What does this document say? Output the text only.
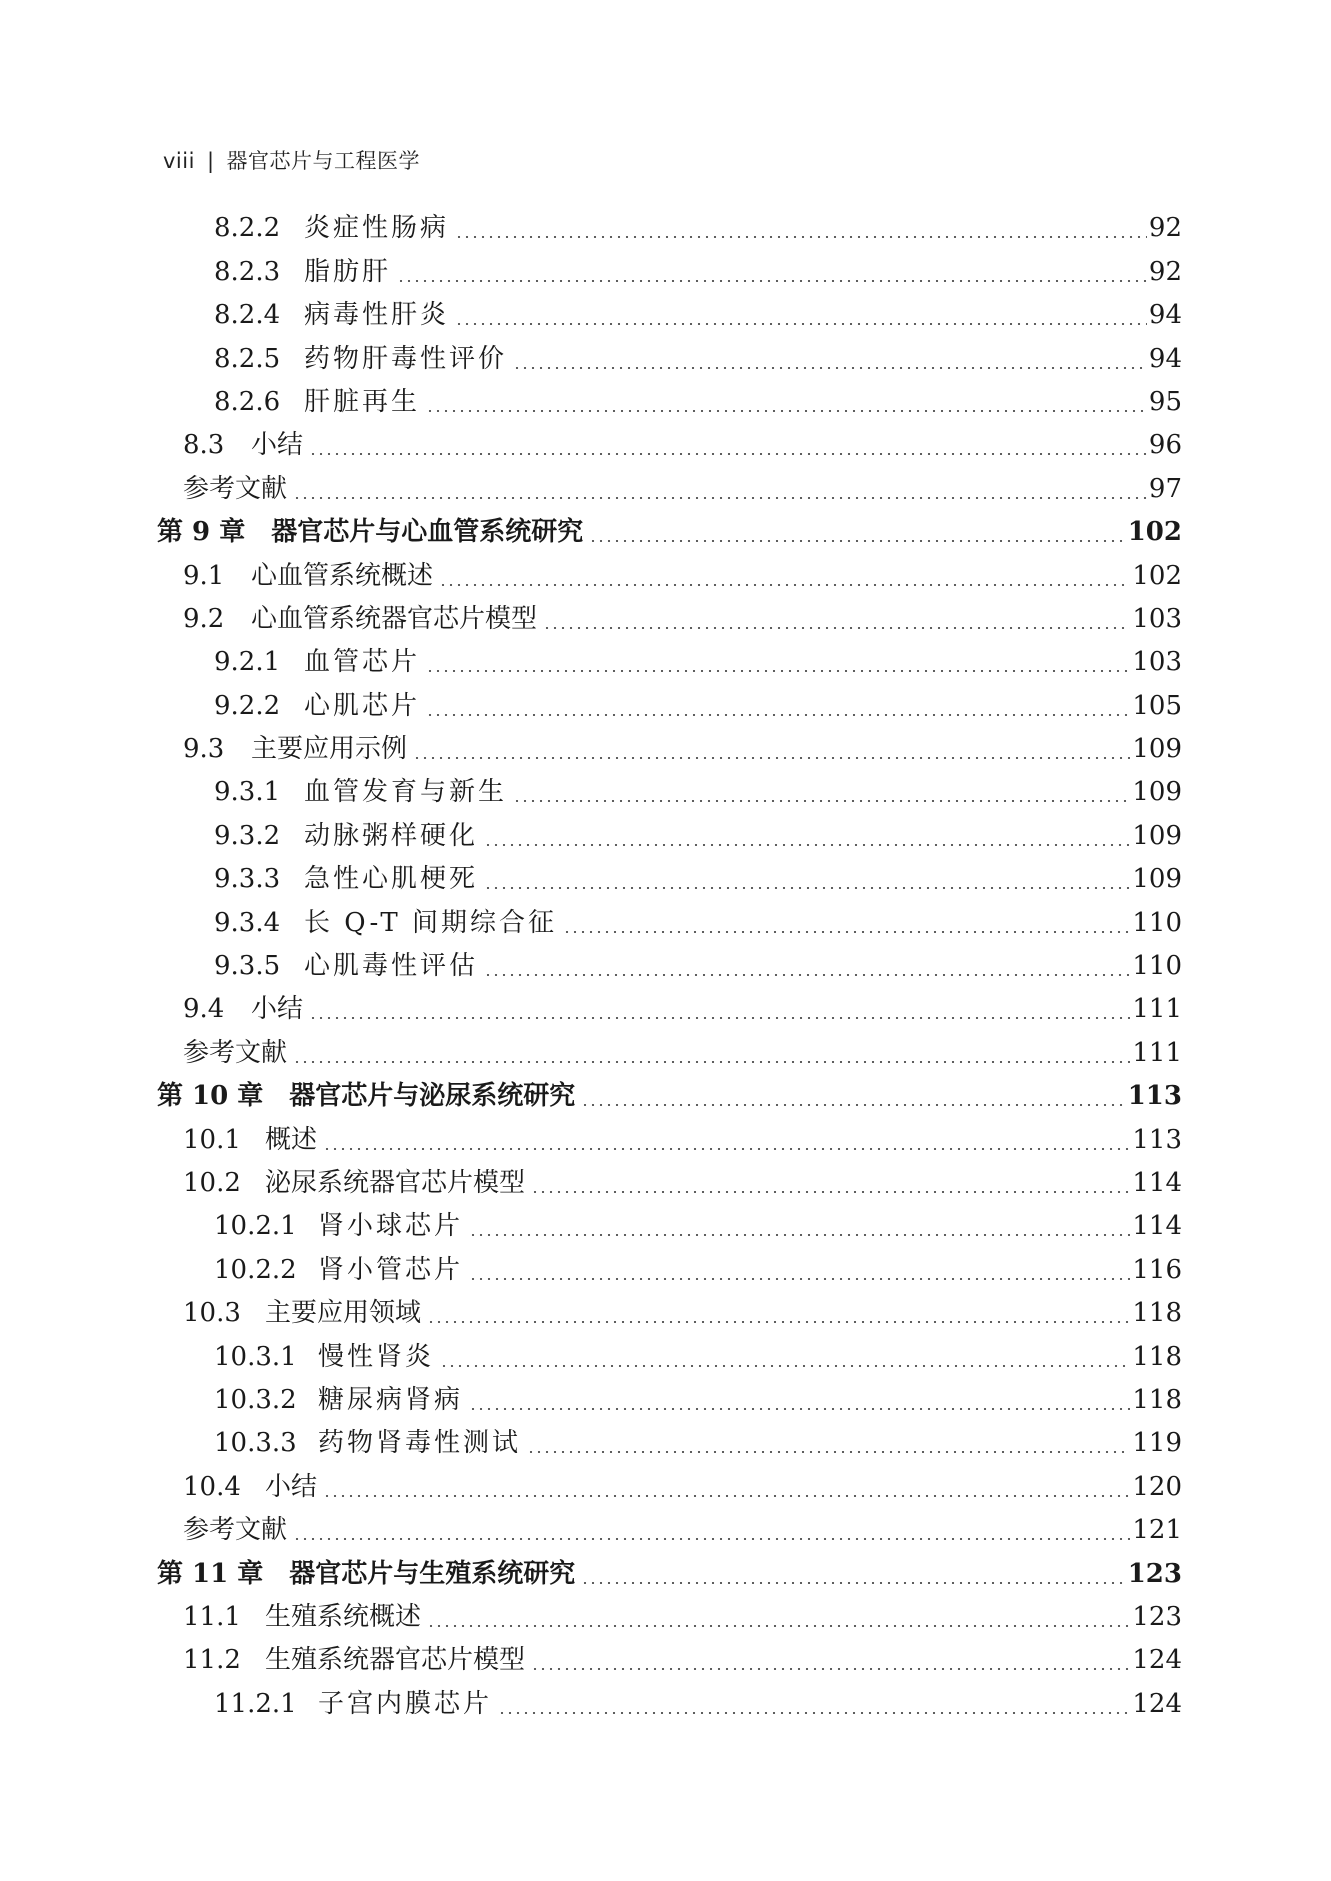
viii | 器官芯片与工程医学
8.2.2 炎症性肠病	92
8.2.3 脂肪肝	92
8.2.4 病毒性肝炎	94
8.2.5 药物肝毒性评价	94
8.2.6 肝脏再生	95
8.3	小结	96
参考文献	97
第 9 章 器官芯片与心血管系统研究	102
9.1	心血管系统概述	102
9.2	心血管系统器官芯片模型	103
9.2.1 血管芯片	103
9.2.2 心肌芯片	105
9.3	主要应用示例	109
9.3.1 血管发育与新生	109
9.3.2 动脉粥样硬化	109
9.3.3 急性心肌梗死	109
9.3.4 长 Q-T 间期综合征	110
9.3.5 心肌毒性评估	110
9.4	小结	111
参考文献	111
第 10 章 器官芯片与泌尿系统研究	113
10.1 概述	113
10.2 泌尿系统器官芯片模型	114
10.2.1 肾小球芯片	114
10.2.2 肾小管芯片	116
10.3 主要应用领域	118
10.3.1 慢性肾炎	118
10.3.2 糖尿病肾病	118
10.3.3 药物肾毒性测试	119
10.4 小结	120
参考文献	121
第 11 章 器官芯片与生殖系统研究	123
11.1 生殖系统概述	123
11.2 生殖系统器官芯片模型	124
11.2.1 子宫内膜芯片	124
